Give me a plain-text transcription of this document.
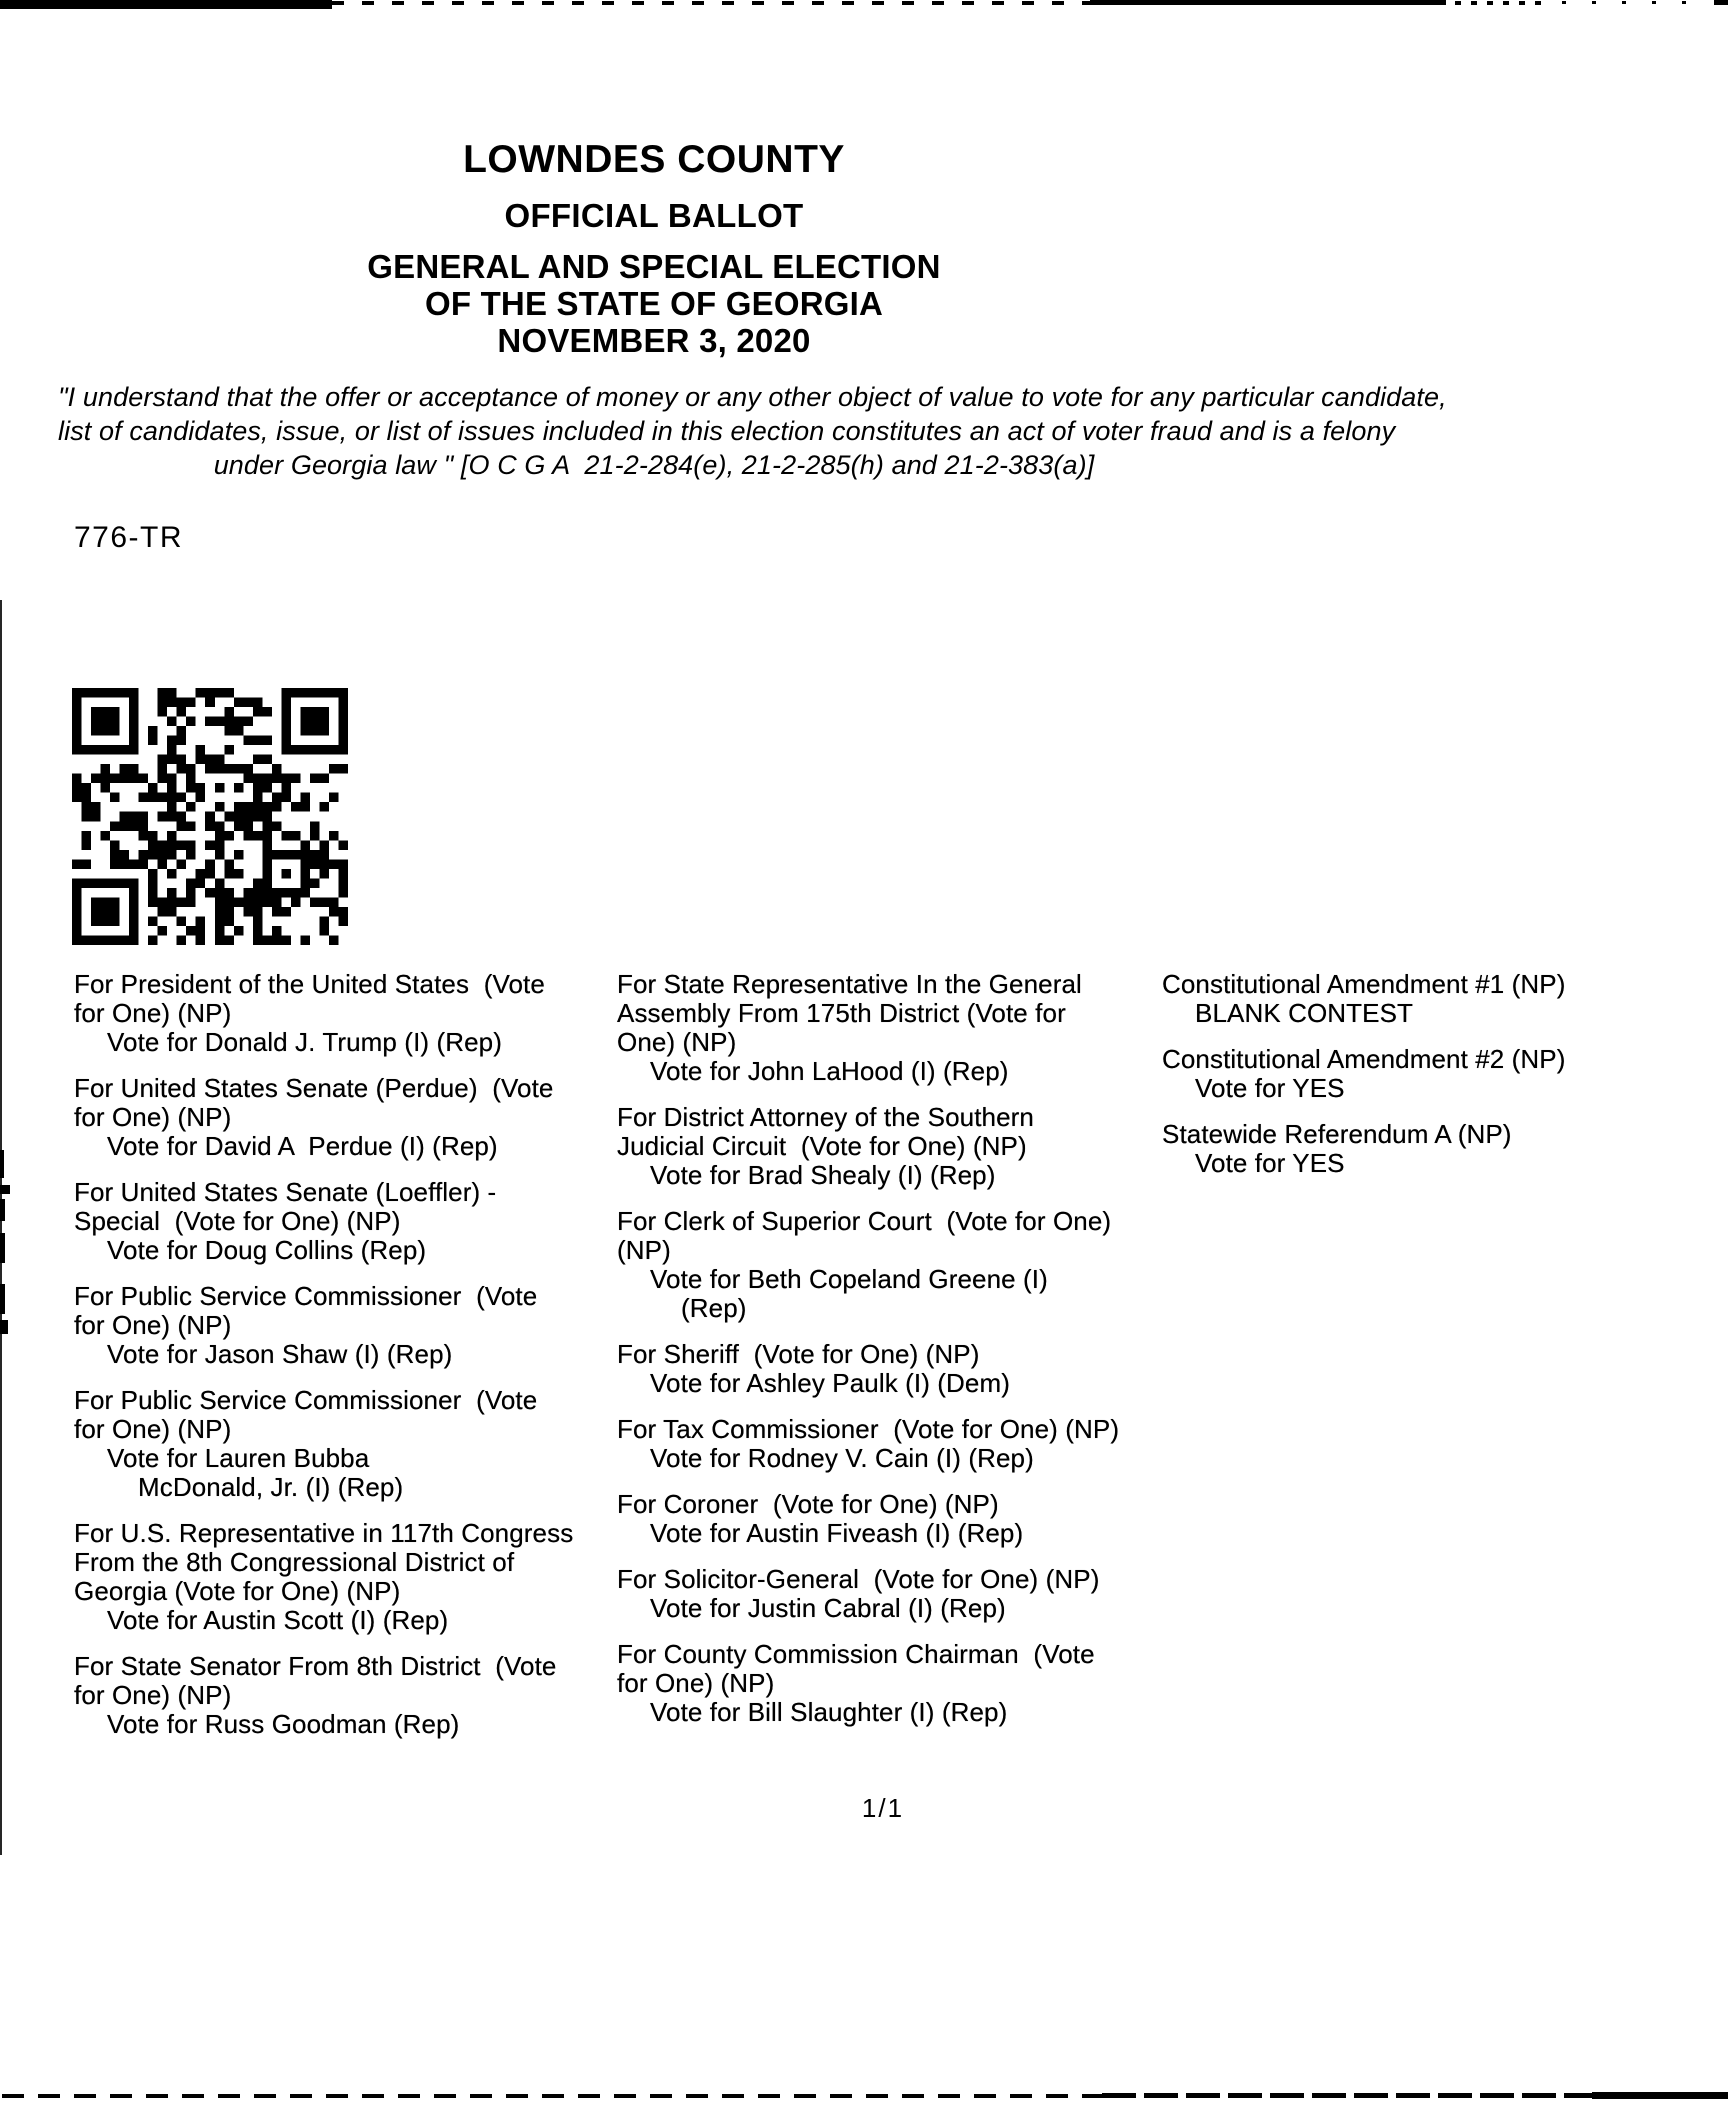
LOWNDES COUNTY
OFFICIAL BALLOT
GENERAL AND SPECIAL ELECTION
OF THE STATE OF GEORGIA
NOVEMBER 3, 2020
"I understand that the offer or acceptance of money or any other object of value to vote for any particular candidate,
list of candidates, issue, or list of issues included in this election constitutes an act of voter fraud and is a felony
under Georgia law " [O C G A  21-2-284(e), 21-2-285(h) and 21-2-383(a)]
776-TR
For President of the United States  (Vote
for One) (NP)
Vote for Donald J. Trump (I) (Rep)
For United States Senate (Perdue)  (Vote
for One) (NP)
Vote for David A  Perdue (I) (Rep)
For United States Senate (Loeffler) -
Special  (Vote for One) (NP)
Vote for Doug Collins (Rep)
For Public Service Commissioner  (Vote
for One) (NP)
Vote for Jason Shaw (I) (Rep)
For Public Service Commissioner  (Vote
for One) (NP)
Vote for Lauren Bubba
McDonald, Jr. (I) (Rep)
For U.S. Representative in 117th Congress
From the 8th Congressional District of
Georgia (Vote for One) (NP)
Vote for Austin Scott (I) (Rep)
For State Senator From 8th District  (Vote
for One) (NP)
Vote for Russ Goodman (Rep)
For State Representative In the General
Assembly From 175th District (Vote for
One) (NP)
Vote for John LaHood (I) (Rep)
For District Attorney of the Southern
Judicial Circuit  (Vote for One) (NP)
Vote for Brad Shealy (I) (Rep)
For Clerk of Superior Court  (Vote for One)
(NP)
Vote for Beth Copeland Greene (I)
(Rep)
For Sheriff  (Vote for One) (NP)
Vote for Ashley Paulk (I) (Dem)
For Tax Commissioner  (Vote for One) (NP)
Vote for Rodney V. Cain (I) (Rep)
For Coroner  (Vote for One) (NP)
Vote for Austin Fiveash (I) (Rep)
For Solicitor-General  (Vote for One) (NP)
Vote for Justin Cabral (I) (Rep)
For County Commission Chairman  (Vote
for One) (NP)
Vote for Bill Slaughter (I) (Rep)
Constitutional Amendment #1 (NP)
BLANK CONTEST
Constitutional Amendment #2 (NP)
Vote for YES
Statewide Referendum A (NP)
Vote for YES
1/1
